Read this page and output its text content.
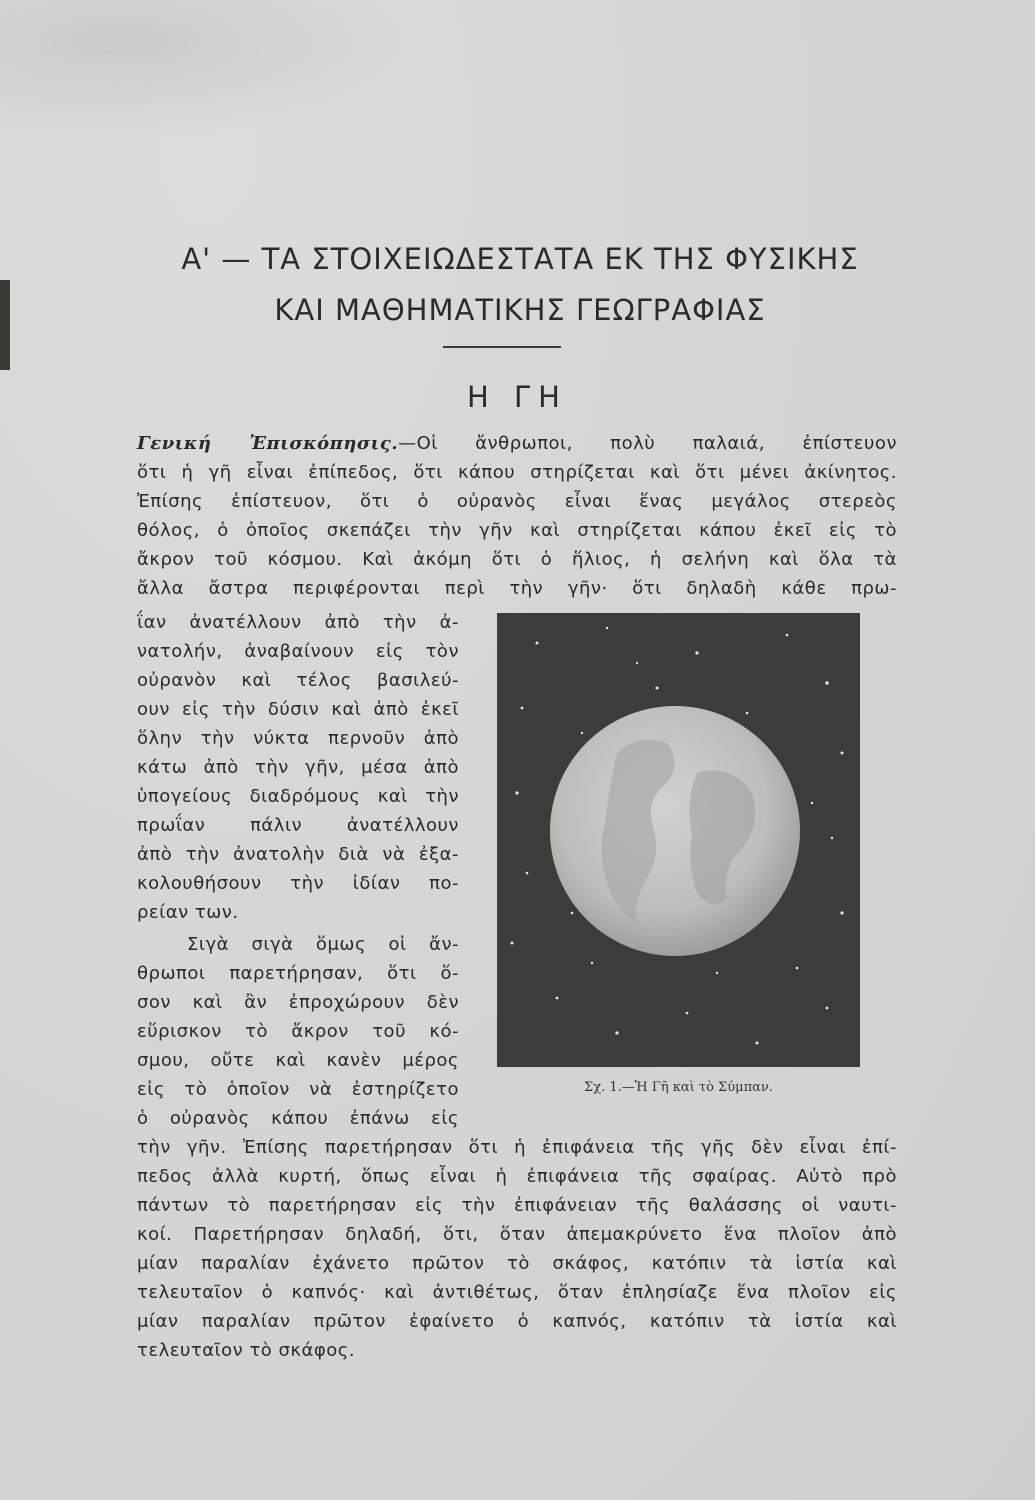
Α' — ΤΑ ΣΤΟΙΧΕΙΩΔΕΣΤΑΤΑ ΕΚ ΤΗΣ ΦΥΣΙΚΗΣ
ΚΑΙ ΜΑΘΗΜΑΤΙΚΗΣ ΓΕΩΓΡΑΦΙΑΣ
Η ΓΗ
Γενική Ἐπισκόπησις.—Οἱ ἄνθρωποι, πολὺ παλαιά, ἐπίστευον
ὅτι ἡ γῆ εἶναι ἐπίπεδος, ὅτι κάπου στηρίζεται καὶ ὅτι μένει ἀκίνητος.
Ἐπίσης ἐπίστευον, ὅτι ὁ οὐρανὸς εἶναι ἕνας μεγάλος στερεὸς
θόλος, ὁ ὁποῖος σκεπάζει τὴν γῆν καὶ στηρίζεται κάπου ἐκεῖ εἰς τὸ
ἄκρον τοῦ κόσμου. Καὶ ἀκόμη ὅτι ὁ ἥλιος, ἡ σελήνη καὶ ὅλα τὰ
ἄλλα ἄστρα περιφέρονται περὶ τὴν γῆν· ὅτι δηλαδὴ κάθε πρω-
ΐαν ἀνατέλλουν ἀπὸ τὴν ἀ-
νατολήν, ἀναβαίνουν εἰς τὸν
οὐρανὸν καὶ τέλος βασιλεύ-
ουν εἰς τὴν δύσιν καὶ ἀπὸ ἐκεῖ
ὅλην τὴν νύκτα περνοῦν ἀπὸ
κάτω ἀπὸ τὴν γῆν, μέσα ἀπὸ
ὑπογείους διαδρόμους καὶ τὴν
πρωΐαν πάλιν ἀνατέλλουν
ἀπὸ τὴν ἀνατολὴν διὰ νὰ ἐξα-
κολουθήσουν τὴν ἰδίαν πο-
ρείαν των.
Σιγὰ σιγὰ ὅμως οἱ ἄν-
θρωποι παρετήρησαν, ὅτι ὅ-
σον καὶ ἂν ἐπροχώρουν δὲν
εὕρισκον τὸ ἄκρον τοῦ κό-
σμου, οὔτε καὶ κανὲν μέρος
εἰς τὸ ὁποῖον νὰ ἐστηρίζετο
ὁ οὐρανὸς κάπου ἐπάνω εἰς
τὴν γῆν. Ἐπίσης παρετήρησαν ὅτι ἡ ἐπιφάνεια τῆς γῆς δὲν εἶναι ἐπί-
πεδος ἀλλὰ κυρτή, ὅπως εἶναι ἡ ἐπιφάνεια τῆς σφαίρας. Αὐτὸ πρὸ
πάντων τὸ παρετήρησαν εἰς τὴν ἐπιφάνειαν τῆς θαλάσσης οἱ ναυτι-
κοί. Παρετήρησαν δηλαδή, ὅτι, ὅταν ἀπεμακρύνετο ἕνα πλοῖον ἀπὸ
μίαν παραλίαν ἐχάνετο πρῶτον τὸ σκάφος, κατόπιν τὰ ἱστία καὶ
τελευταῖον ὁ καπνός· καὶ ἀντιθέτως, ὅταν ἐπλησίαζε ἕνα πλοῖον εἰς
μίαν παραλίαν πρῶτον ἐφαίνετο ὁ καπνός, κατόπιν τὰ ἱστία καὶ
τελευταῖον τὸ σκάφος.
Σχ. 1.—Ἡ Γῆ καὶ τὸ Σύμπαν.
